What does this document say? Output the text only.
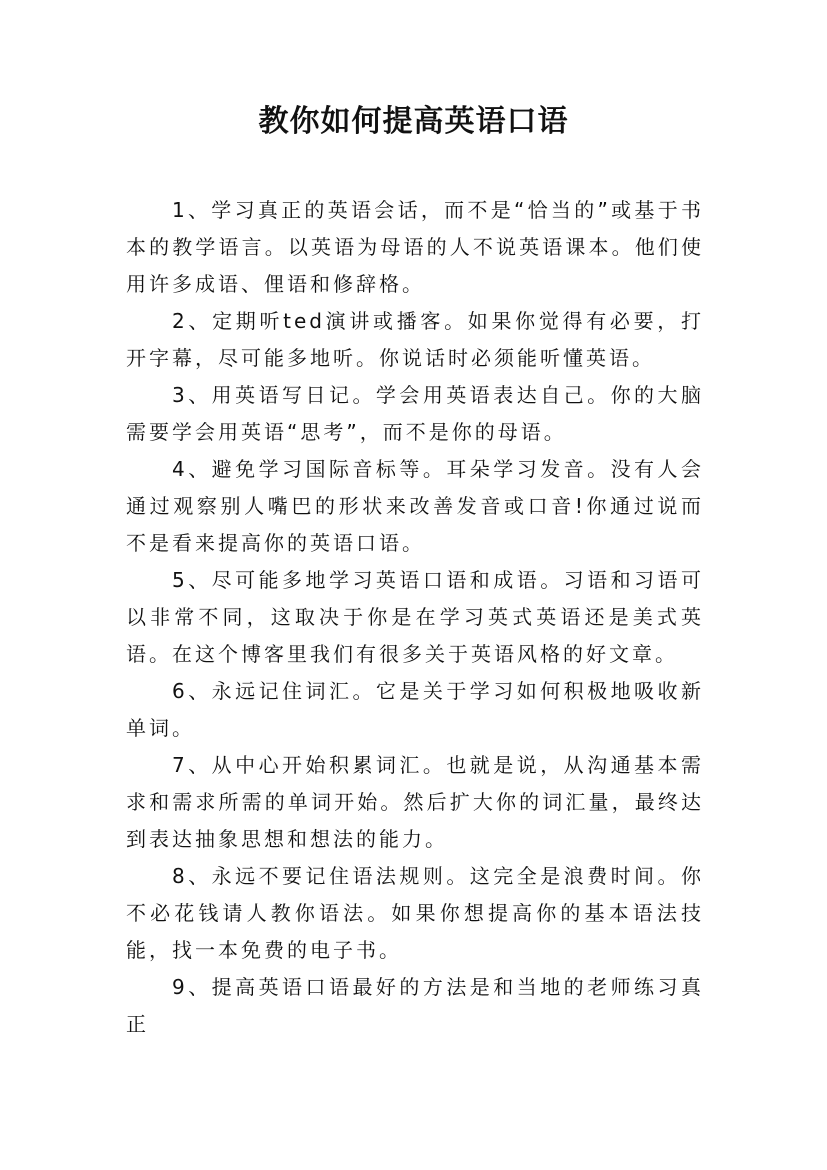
教你如何提高英语口语

1、学习真正的英语会话，而不是“恰当的”或基于书本的教学语言。以英语为母语的人不说英语课本。他们使用许多成语、俚语和修辞格。

2、定期听ted演讲或播客。如果你觉得有必要，打开字幕，尽可能多地听。你说话时必须能听懂英语。

3、用英语写日记。学会用英语表达自己。你的大脑需要学会用英语“思考”，而不是你的母语。

4、避免学习国际音标等。耳朵学习发音。没有人会通过观察别人嘴巴的形状来改善发音或口音!你通过说而不是看来提高你的英语口语。

5、尽可能多地学习英语口语和成语。习语和习语可以非常不同，这取决于你是在学习英式英语还是美式英语。在这个博客里我们有很多关于英语风格的好文章。

6、永远记住词汇。它是关于学习如何积极地吸收新单词。

7、从中心开始积累词汇。也就是说，从沟通基本需求和需求所需的单词开始。然后扩大你的词汇量，最终达到表达抽象思想和想法的能力。

8、永远不要记住语法规则。这完全是浪费时间。你不必花钱请人教你语法。如果你想提高你的基本语法技能，找一本免费的电子书。

9、提高英语口语最好的方法是和当地的老师练习真正
